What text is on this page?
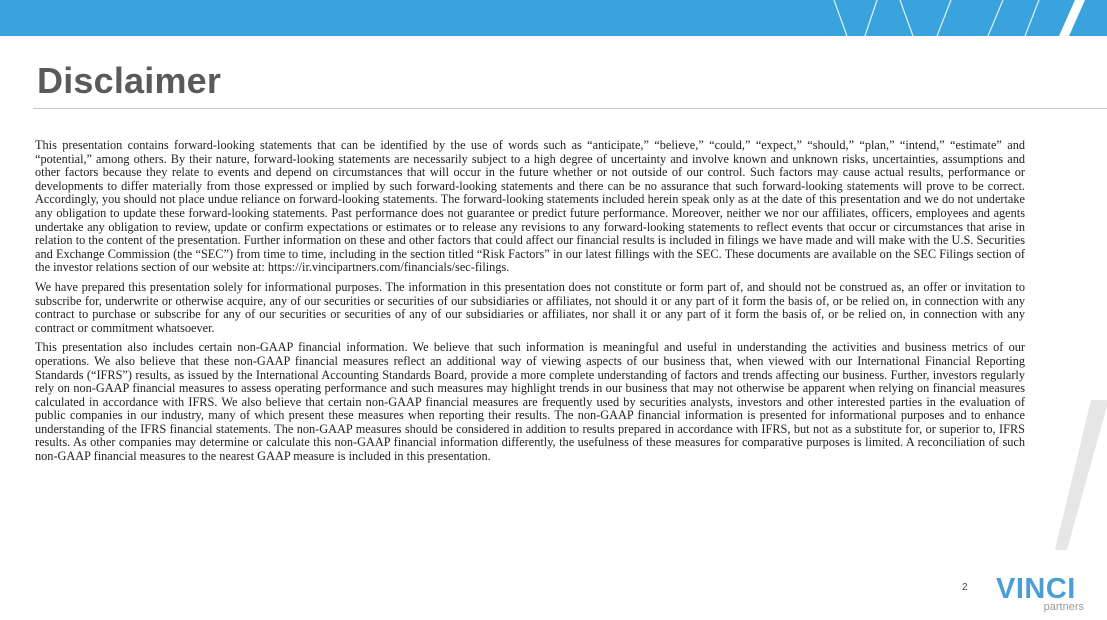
Disclaimer

This presentation contains forward-looking statements that can be identified by the use of words such as “anticipate,” “believe,” “could,” “expect,” “should,” “plan,” “intend,” “estimate” and “potential,” among others. By their nature, forward-looking statements are necessarily subject to a high degree of uncertainty and involve known and unknown risks, uncertainties, assumptions and other factors because they relate to events and depend on circumstances that will occur in the future whether or not outside of our control. Such factors may cause actual results, performance or developments to differ materially from those expressed or implied by such forward-looking statements and there can be no assurance that such forward-looking statements will prove to be correct. Accordingly, you should not place undue reliance on forward-looking statements. The forward-looking statements included herein speak only as at the date of this presentation and we do not undertake any obligation to update these forward-looking statements. Past performance does not guarantee or predict future performance. Moreover, neither we nor our affiliates, officers, employees and agents undertake any obligation to review, update or confirm expectations or estimates or to release any revisions to any forward-looking statements to reflect events that occur or circumstances that arise in relation to the content of the presentation. Further information on these and other factors that could affect our financial results is included in filings we have made and will make with the U.S. Securities and Exchange Commission (the “SEC”) from time to time, including in the section titled “Risk Factors” in our latest fillings with the SEC. These documents are available on the SEC Filings section of the investor relations section of our website at: https://ir.vincipartners.com/financials/sec-filings.

We have prepared this presentation solely for informational purposes. The information in this presentation does not constitute or form part of, and should not be construed as, an offer or invitation to subscribe for, underwrite or otherwise acquire, any of our securities or securities of our subsidiaries or affiliates, not should it or any part of it form the basis of, or be relied on, in connection with any contract to purchase or subscribe for any of our securities or securities of any of our subsidiaries or affiliates, nor shall it or any part of it form the basis of, or be relied on, in connection with any contract or commitment whatsoever.

This presentation also includes certain non-GAAP financial information. We believe that such information is meaningful and useful in understanding the activities and business metrics of our operations. We also believe that these non-GAAP financial measures reflect an additional way of viewing aspects of our business that, when viewed with our International Financial Reporting Standards (“IFRS”) results, as issued by the International Accounting Standards Board, provide a more complete understanding of factors and trends affecting our business. Further, investors regularly rely on non-GAAP financial measures to assess operating performance and such measures may highlight trends in our business that may not otherwise be apparent when relying on financial measures calculated in accordance with IFRS. We also believe that certain non-GAAP financial measures are frequently used by securities analysts, investors and other interested parties in the evaluation of public companies in our industry, many of which present these measures when reporting their results. The non-GAAP financial information is presented for informational purposes and to enhance understanding of the IFRS financial statements. The non-GAAP measures should be considered in addition to results prepared in accordance with IFRS, but not as a substitute for, or superior to, IFRS results. As other companies may determine or calculate this non-GAAP financial information differently, the usefulness of these measures for comparative purposes is limited. A reconciliation of such non-GAAP financial measures to the nearest GAAP measure is included in this presentation.

2 VINCI
partners
